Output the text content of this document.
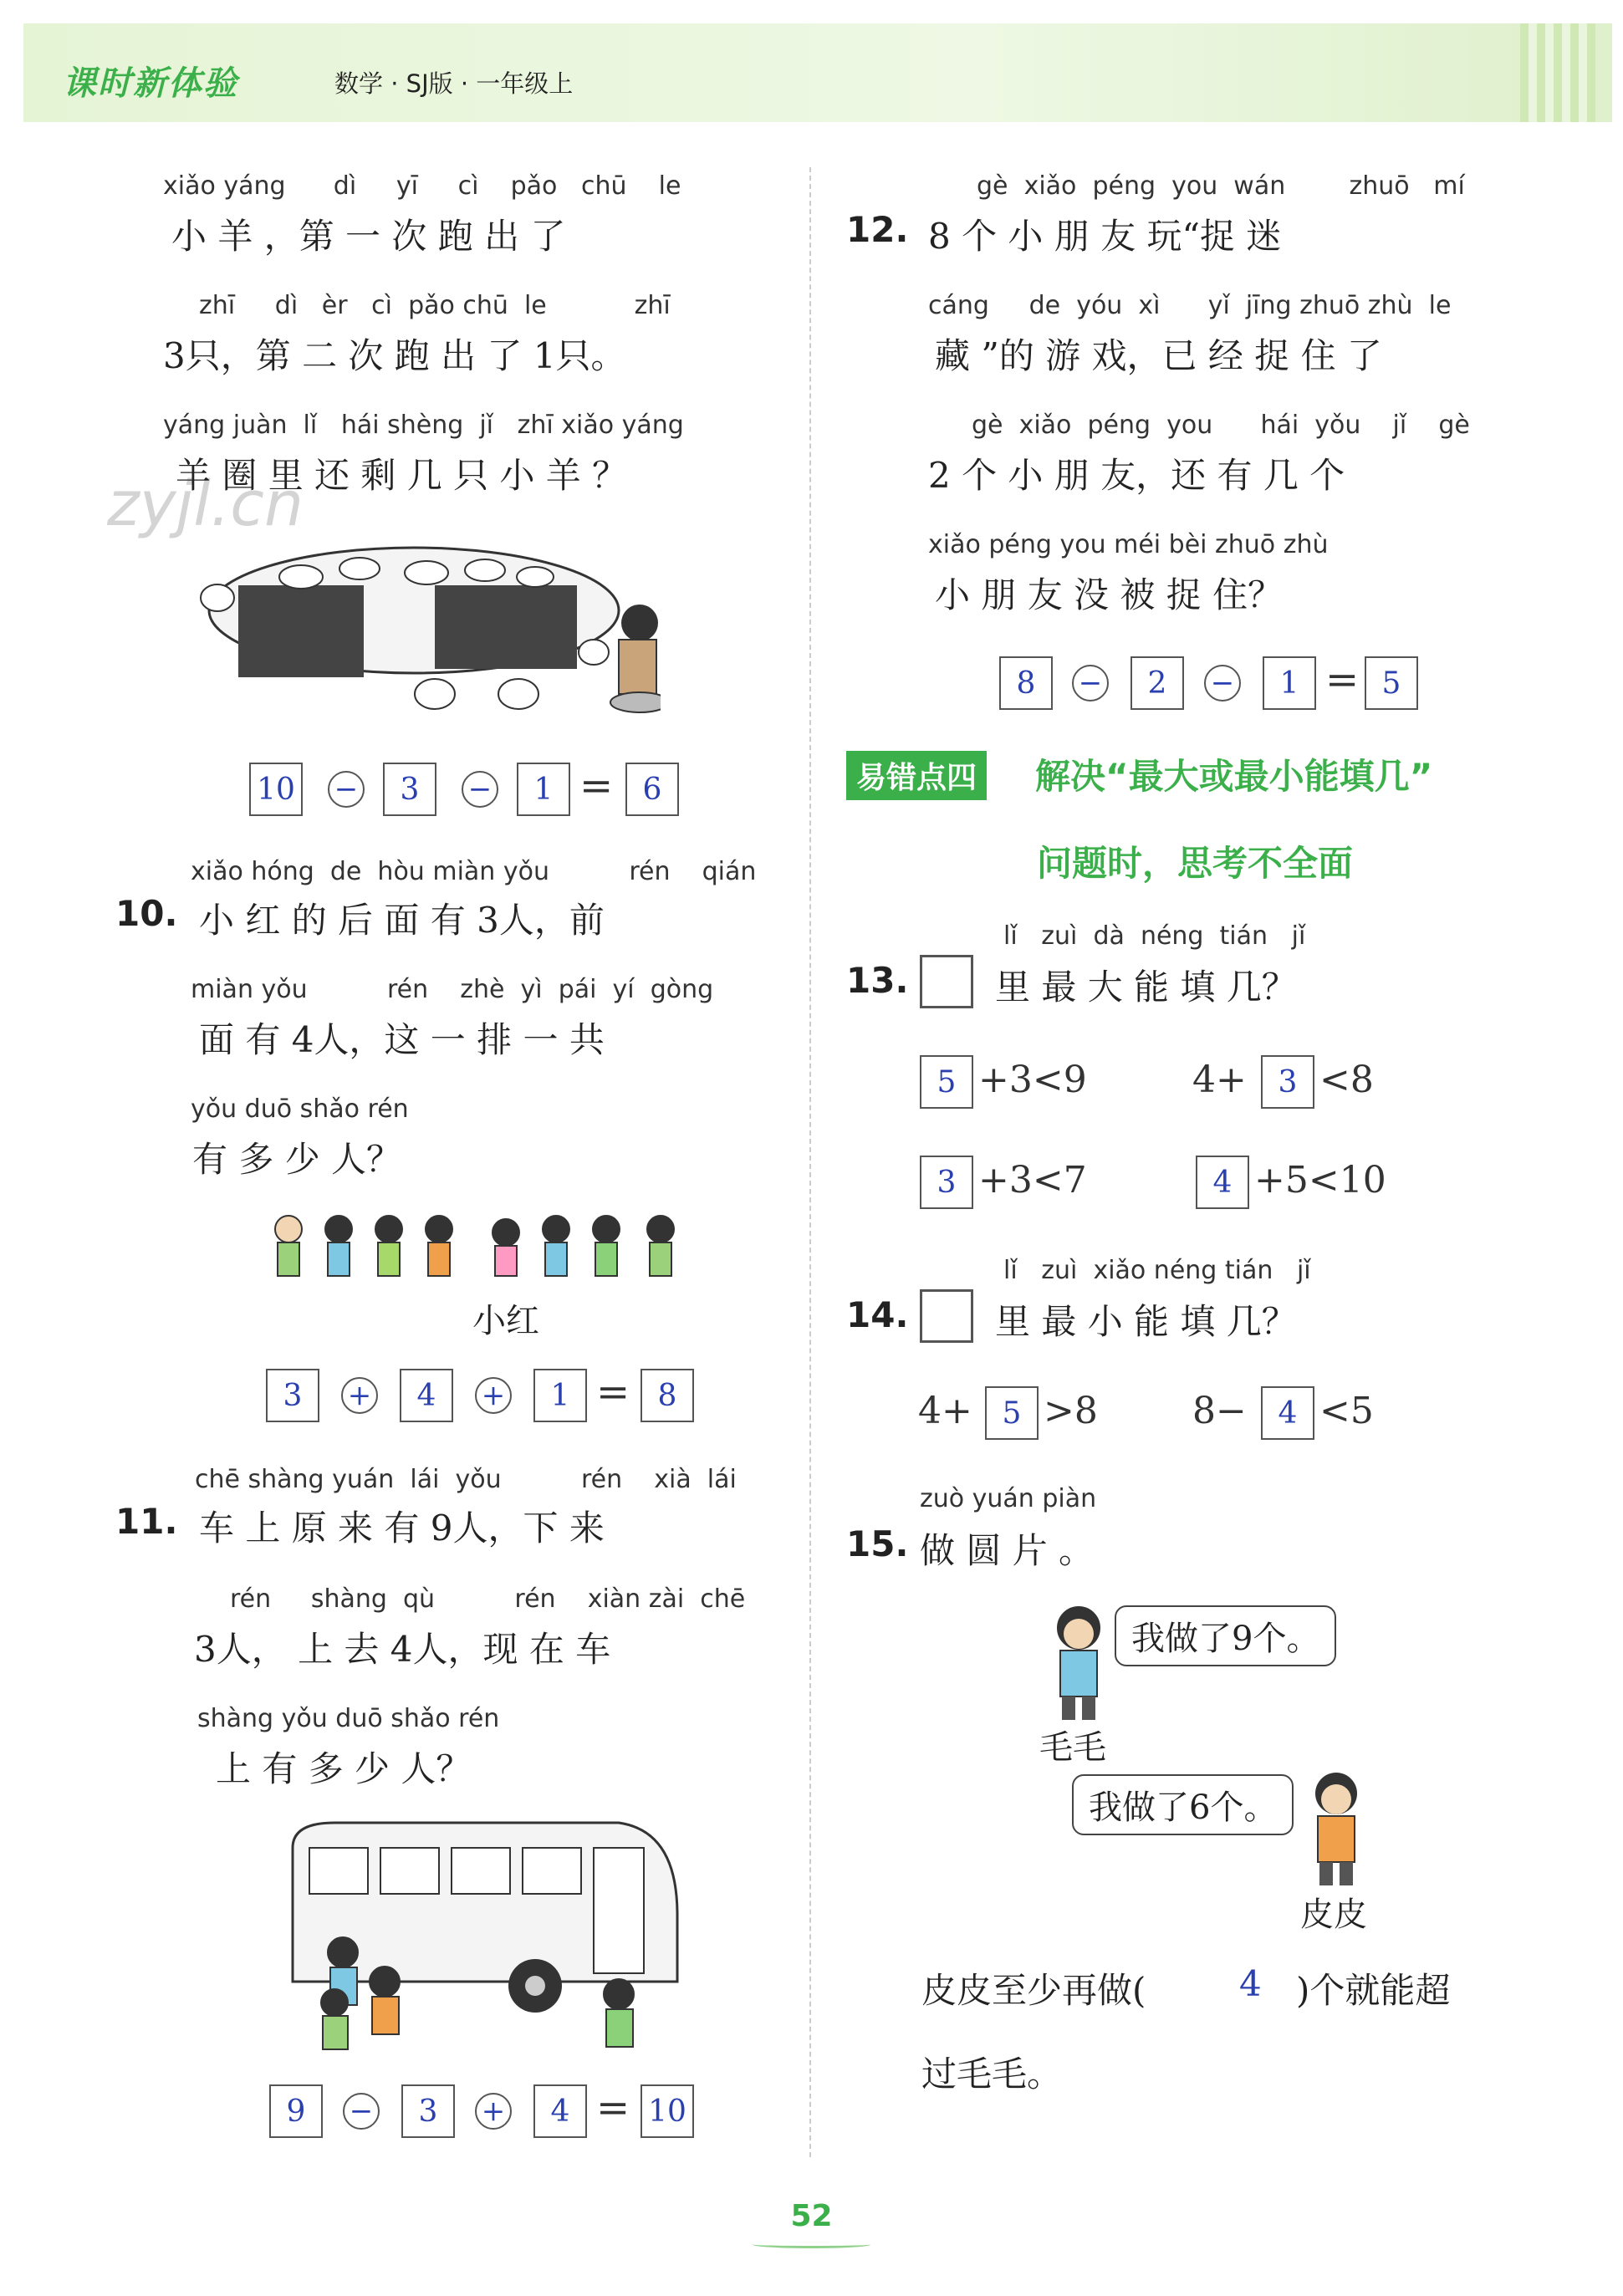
课时新体验	数学 · SJ版 · 一年级上
zyjl.cn
xiǎo yáng      dì     yī     cì    pǎo   chū    le
小 羊 ，第 一 次 跑 出 了
zhī     dì   èr   cì  pǎo chū  le           zhī
3只，第 二 次 跑 出 了 1只。
yáng juàn  lǐ   hái shèng  jǐ   zhī xiǎo yáng
羊 圈 里 还 剩 几 只 小 羊 ？
10 −	3	−	1 = 6
xiǎo hóng  de  hòu miàn yǒu          rén    qián
10. 小 红 的 后 面 有 3人，前
miàn yǒu          rén    zhè  yì  pái  yí  gòng
面 有 4人，这 一 排 一 共
yǒu duō shǎo rén
有 多 少 人？
小红
3	+	4	+	1 = 8
chē shàng yuán  lái  yǒu          rén    xià  lái
11. 车 上 原 来 有 9人，下 来
rén     shàng  qù          rén    xiàn zài  chē
3人， 上 去 4人，现 在 车
shàng yǒu duō shǎo rén
上 有 多 少 人？
9	−	3	+	4 = 10
gè  xiǎo  péng  you  wán        zhuō   mí
12. 8 个 小 朋 友 玩“捉 迷
cáng     de  yóu  xì      yǐ  jīng zhuō zhù  le
藏 ”的 游 戏，已 经 捉 住 了
gè  xiǎo  péng  you      hái  yǒu    jǐ    gè
2 个 小 朋 友，还 有 几 个
xiǎo péng you méi bèi zhuō zhù
小 朋 友 没 被 捉 住？
8	−	2	−	1 = 5
易错点四 解决“最大或最小能填几”
问题时，思考不全面
lǐ   zuì  dà  néng  tián   jǐ
13. 里 最 大 能 填 几？
5 +3<9	4+	3 <8
3 +3<7	4 +5<10
lǐ   zuì  xiǎo néng tián   jǐ
14. 里 最 小 能 填 几？
4+ 5 >8	8−	4 <5
zuò yuán piàn
15. 做 圆 片 。
我做了9个。
毛毛
我做了6个。
皮皮
皮皮至少再做(	4 )个就能超
过毛毛。
52
